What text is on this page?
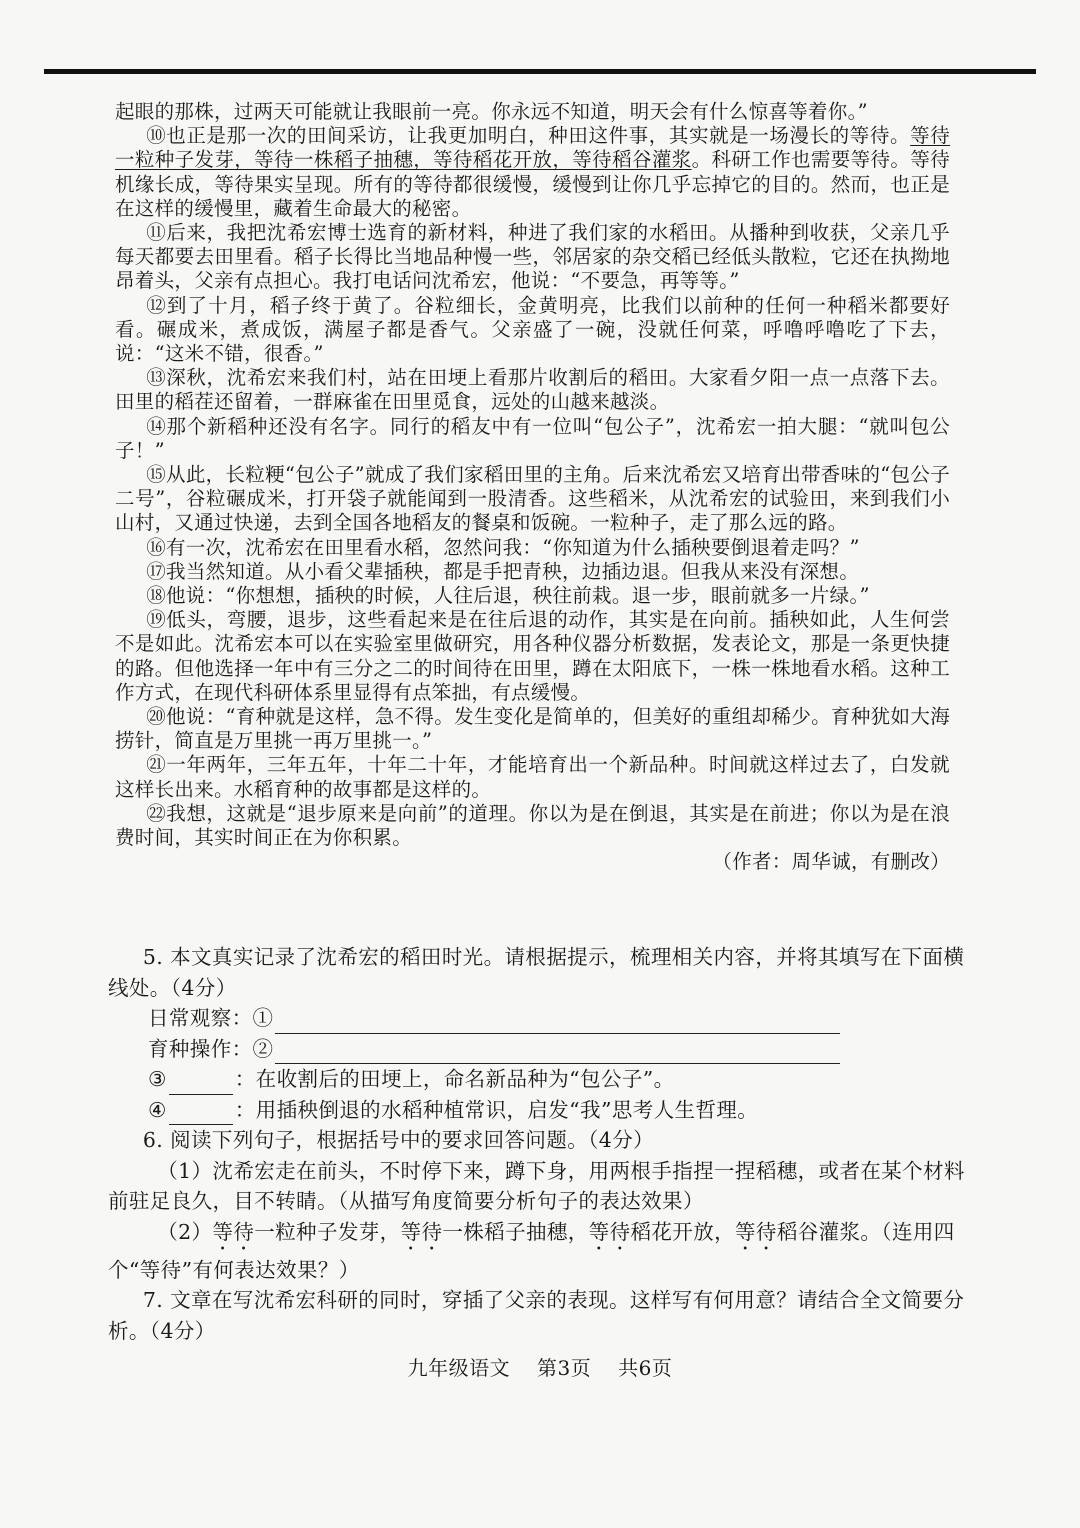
起眼的那株，过两天可能就让我眼前一亮。你永远不知道，明天会有什么惊喜等着你。”

⑩也正是那一次的田间采访，让我更加明白，种田这件事，其实就是一场漫长的等待。等待一粒种子发芽，等待一株稻子抽穗，等待稻花开放，等待稻谷灌浆。科研工作也需要等待。等待机缘长成，等待果实呈现。所有的等待都很缓慢，缓慢到让你几乎忘掉它的目的。然而，也正是在这样的缓慢里，藏着生命最大的秘密。

⑪后来，我把沈希宏博士选育的新材料，种进了我们家的水稻田。从播种到收获，父亲几乎每天都要去田里看。稻子长得比当地品种慢一些，邻居家的杂交稻已经低头散粒，它还在执拗地昂着头，父亲有点担心。我打电话问沈希宏，他说：“不要急，再等等。”

⑫到了十月，稻子终于黄了。谷粒细长，金黄明亮，比我们以前种的任何一种稻米都要好看。碾成米，煮成饭，满屋子都是香气。父亲盛了一碗，没就任何菜，呼噜呼噜吃了下去，说：“这米不错，很香。”

⑬深秋，沈希宏来我们村，站在田埂上看那片收割后的稻田。大家看夕阳一点一点落下去。田里的稻茬还留着，一群麻雀在田里觅食，远处的山越来越淡。

⑭那个新稻种还没有名字。同行的稻友中有一位叫“包公子”，沈希宏一拍大腿：“就叫包公子！”

⑮从此，长粒粳“包公子”就成了我们家稻田里的主角。后来沈希宏又培育出带香味的“包公子二号”，谷粒碾成米，打开袋子就能闻到一股清香。这些稻米，从沈希宏的试验田，来到我们小山村，又通过快递，去到全国各地稻友的餐桌和饭碗。一粒种子，走了那么远的路。

⑯有一次，沈希宏在田里看水稻，忽然问我：“你知道为什么插秧要倒退着走吗？”

⑰我当然知道。从小看父辈插秧，都是手把青秧，边插边退。但我从来没有深想。

⑱他说：“你想想，插秧的时候，人往后退，秧往前栽。退一步，眼前就多一片绿。”

⑲低头，弯腰，退步，这些看起来是在往后退的动作，其实是在向前。插秧如此，人生何尝不是如此。沈希宏本可以在实验室里做研究，用各种仪器分析数据，发表论文，那是一条更快捷的路。但他选择一年中有三分之二的时间待在田里，蹲在太阳底下，一株一株地看水稻。这种工作方式，在现代科研体系里显得有点笨拙，有点缓慢。

⑳他说：“育种就是这样，急不得。发生变化是简单的，但美好的重组却稀少。育种犹如大海捞针，简直是万里挑一再万里挑一。”

㉑一年两年，三年五年，十年二十年，才能培育出一个新品种。时间就这样过去了，白发就这样长出来。水稻育种的故事都是这样的。

㉒我想，这就是“退步原来是向前”的道理。你以为是在倒退，其实是在前进；你以为是在浪费时间，其实时间正在为你积累。

（作者：周华诚，有删改）

5. 本文真实记录了沈希宏的稻田时光。请根据提示，梳理相关内容，并将其填写在下面横线处。（4分）

日常观察：①

育种操作：②

③	：在收割后的田埂上，命名新品种为“包公子”。

④	：用插秧倒退的水稻种植常识，启发“我”思考人生哲理。

6. 阅读下列句子，根据括号中的要求回答问题。（4分）

（1）沈希宏走在前头，不时停下来，蹲下身，用两根手指捏一捏稻穗，或者在某个材料前驻足良久，目不转睛。（从描写角度简要分析句子的表达效果）

（2）等待一粒种子发芽，等待一株稻子抽穗，等待稻花开放，等待稻谷灌浆。（连用四个“等待”有何表达效果？）

7. 文章在写沈希宏科研的同时，穿插了父亲的表现。这样写有何用意？请结合全文简要分析。（4分）

九年级语文 第3页 共6页
